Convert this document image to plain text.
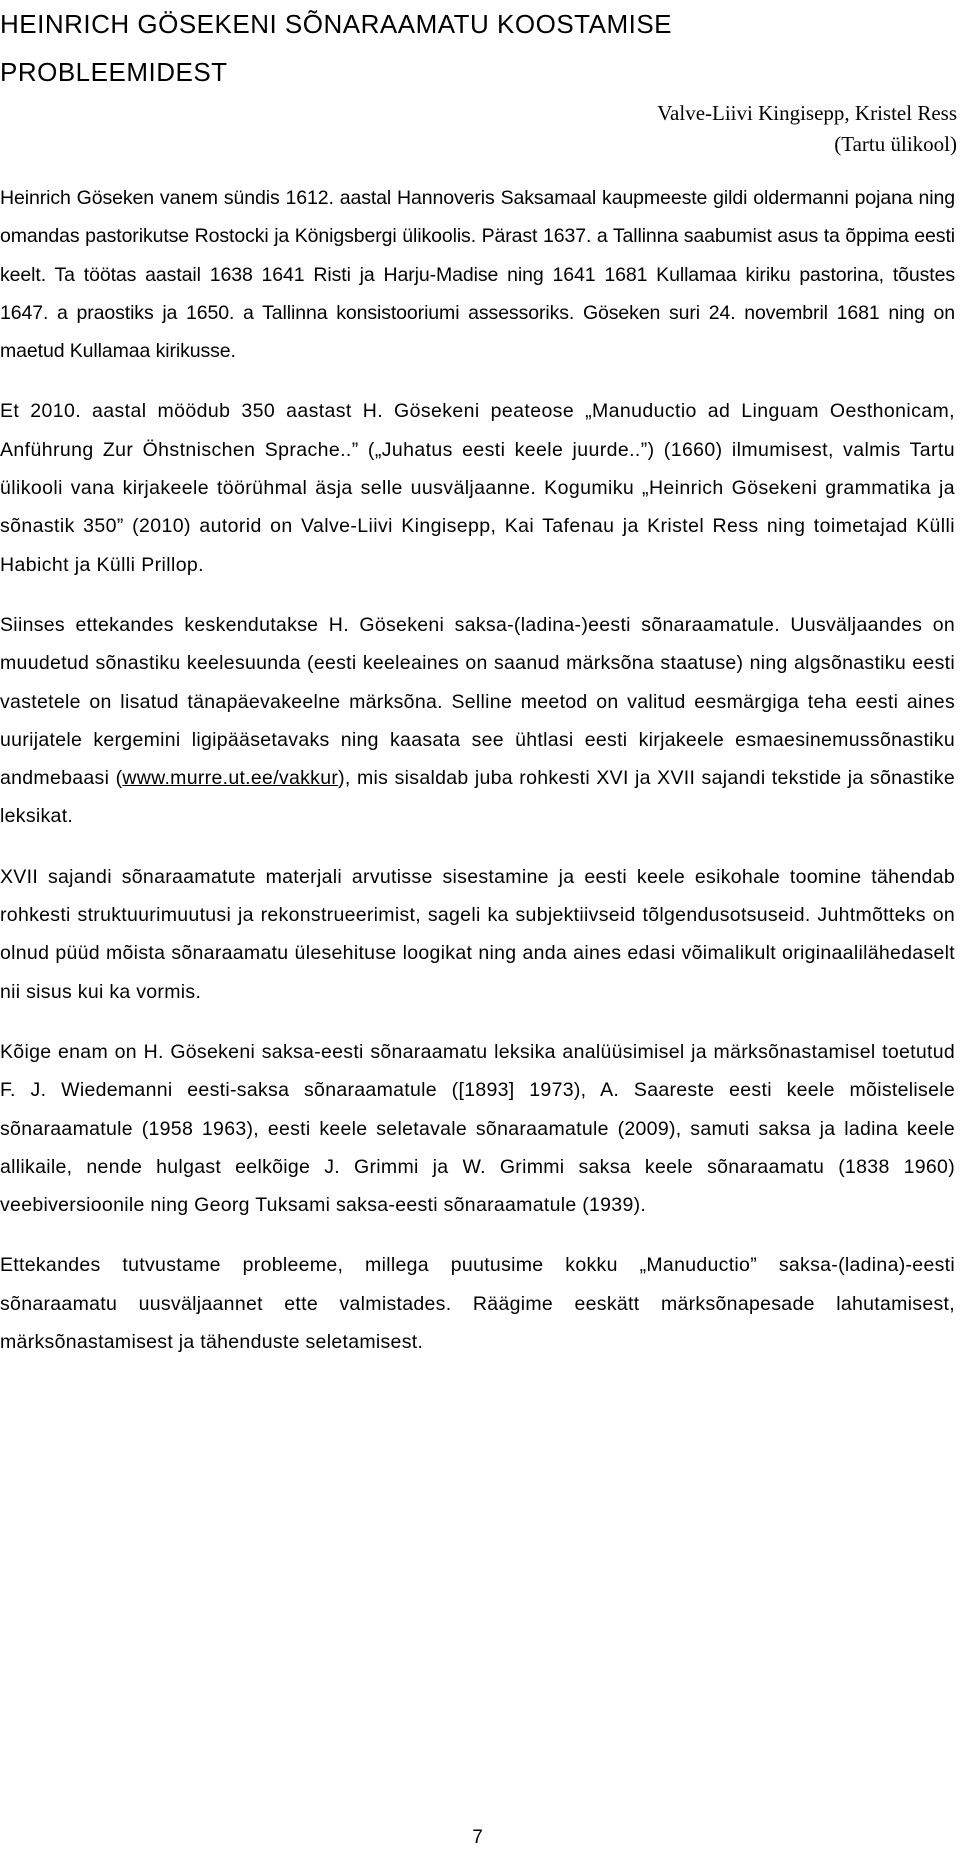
HEINRICH GÖSEKENI SÕNARAAMATU KOOSTAMISE
PROBLEEMIDEST
Valve-Liivi Kingisepp, Kristel Ress
(Tartu ülikool)

Heinrich Göseken vanem sündis 1612. aastal Hannoveris Saksamaal kaupmeeste gildi oldermanni pojana ning omandas pastorikutse Rostocki ja Königsbergi ülikoolis. Pärast 1637. a Tallinna saabumist asus ta õppima eesti keelt. Ta töötas aastail 1638 1641 Risti ja Harju-Madise ning 1641 1681 Kullamaa kiriku pastorina, tõustes 1647. a praostiks ja 1650. a Tallinna konsistooriumi assessoriks. Göseken suri 24. novembril 1681 ning on maetud Kullamaa kirikusse.

Et 2010. aastal möödub 350 aastast H. Gösekeni peateose „Manuductio ad Linguam Oesthonicam, Anführung Zur Öhstnischen Sprache..” („Juhatus eesti keele juurde..”) (1660) ilmumisest, valmis Tartu ülikooli vana kirjakeele töörühmal äsja selle uusväljaanne. Kogumiku „Heinrich Gösekeni grammatika ja sõnastik 350” (2010) autorid on Valve-Liivi Kingisepp, Kai Tafenau ja Kristel Ress ning toimetajad Külli Habicht ja Külli Prillop.

Siinses ettekandes keskendutakse H. Gösekeni saksa-(ladina-)eesti sõnaraamatule. Uusväljaandes on muudetud sõnastiku keelesuunda (eesti keeleaines on saanud märksõna staatuse) ning algsõnastiku eesti vastetele on lisatud tänapäevakeelne märksõna. Selline meetod on valitud eesmärgiga teha eesti aines uurijatele kergemini ligipääsetavaks ning kaasata see ühtlasi eesti kirjakeele esmaesinemussõnastiku andmebaasi (www.murre.ut.ee/vakkur), mis sisaldab juba rohkesti XVI ja XVII sajandi tekstide ja sõnastike leksikat.

XVII sajandi sõnaraamatute materjali arvutisse sisestamine ja eesti keele esikohale toomine tähendab rohkesti struktuurimuutusi ja rekonstrueerimist, sageli ka subjektiivseid tõlgendusotsuseid. Juhtmõtteks on olnud püüd mõista sõnaraamatu ülesehituse loogikat ning anda aines edasi võimalikult originaalilähedaselt nii sisus kui ka vormis.

Kõige enam on H. Gösekeni saksa-eesti sõnaraamatu leksika analüüsimisel ja märksõnastamisel toetutud F. J. Wiedemanni eesti-saksa sõnaraamatule ([1893] 1973), A. Saareste eesti keele mõistelisele sõnaraamatule (1958 1963), eesti keele seletavale sõnaraamatule (2009), samuti saksa ja ladina keele allikaile, nende hulgast eelkõige J. Grimmi ja W. Grimmi saksa keele sõnaraamatu (1838 1960) veebiversioonile ning Georg Tuksami saksa-eesti sõnaraamatule (1939).

Ettekandes tutvustame probleeme, millega puutusime kokku „Manuductio” saksa-(ladina)-eesti sõnaraamatu uusväljaannet ette valmistades. Räägime eeskätt märksõnapesade lahutamisest, märksõnastamisest ja tähenduste seletamisest.

7
